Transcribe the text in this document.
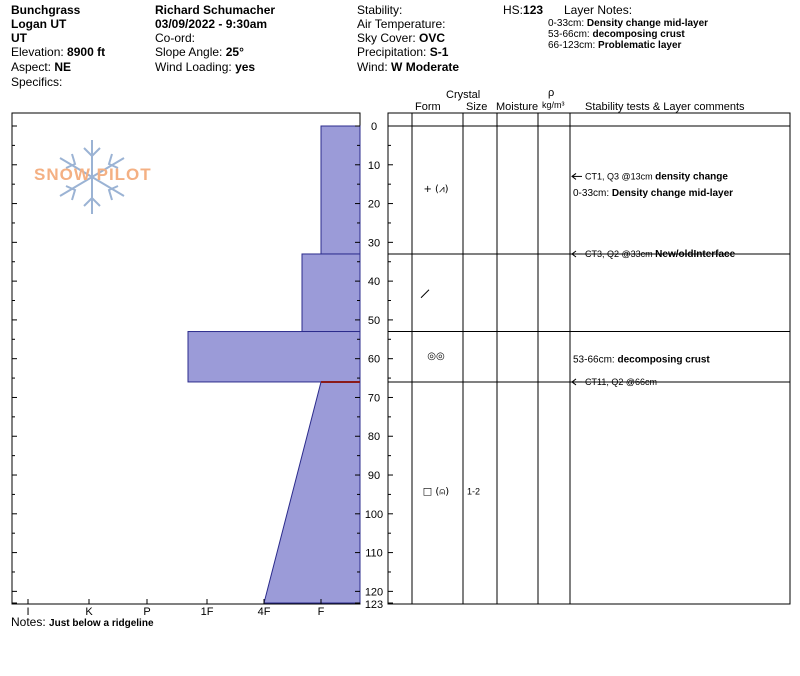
Bunchgrass
Logan UT
UT
Elevation: 8900 ft
Aspect: NE
Specifics:
Richard Schumacher
03/09/2022 - 9:30am
Co-ord:
Slope Angle: 25°
Wind Loading: yes
Stability:
Air Temperature:
Sky Cover: OVC
Precipitation: S-1
Wind: W Moderate
HS:123 Layer Notes:
0-33cm: Density change mid-layer
53-66cm: decomposing crust
66-123cm: Problematic layer
Crystal
Form Size Moisture
ρ
kg/m³ Stability tests & Layer comments
Notes: Just below a ridgeline
SNOW PILOT
0
10
20
30
40
50
60
70
80
90
100
110
120
123
I	K	P	1F	4F	F
+ (⩘)
◎◎
□ (⍝) 1-2
CT1, Q3 @13cm density change
CT3, Q2 @33cm New/oldInterface
CT11, Q2 @66cm
0-33cm: Density change mid-layer
53-66cm: decomposing crust
